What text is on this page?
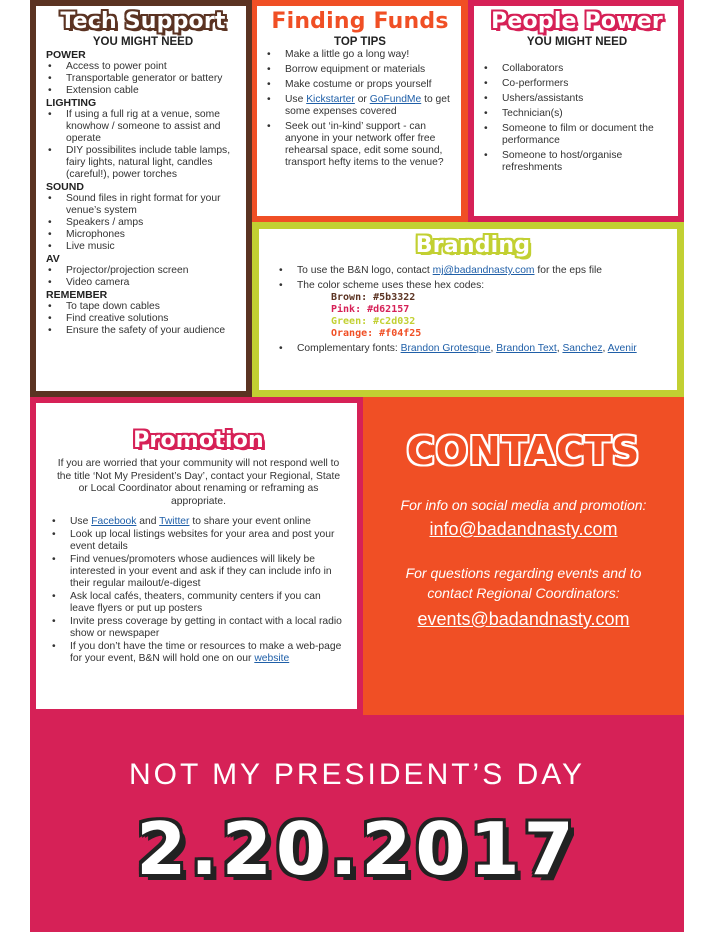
Tech Support
YOU MIGHT NEED
POWER
• Access to power point
• Transportable generator or battery
• Extension cable
LIGHTING
• If using a full rig at a venue, some knowhow / someone to assist and operate
• DIY possibilites include table lamps, fairy lights, natural light, candles (careful!), power torches
SOUND
• Sound files in right format for your venue’s system
• Speakers / amps
• Microphones
• Live music
AV
• Projector/projection screen
• Video camera
REMEMBER
• To tape down cables
• Find creative solutions
• Ensure the safety of your audience
Finding Funds
TOP TIPS
• Make a little go a long way!
• Borrow equipment or materials
• Make costume or props yourself
• Use Kickstarter or GoFundMe to get some expenses covered
• Seek out ‘in-kind’ support - can anyone in your network offer free rehearsal space, edit some sound, transport hefty items to the venue?
People Power
YOU MIGHT NEED
• Collaborators
• Co-performers
• Ushers/assistants
• Technician(s)
• Someone to film or document the performance
• Someone to host/organise refreshments
Branding
• To use the B&N logo, contact mj@badandnasty.com for the eps file
• The color scheme uses these hex codes:
Brown: #5b3322
Pink: #d62157
Green: #c2d032
Orange: #f04f25
• Complementary fonts: Brandon Grotesque, Brandon Text, Sanchez, Avenir
Promotion

If you are worried that your community will not respond well to the title ‘Not My President’s Day’, contact your Regional, State or Local Coordinator about renaming or reframing as appropriate.

• Use Facebook and Twitter to share your event online
• Look up local listings websites for your area and post your event details
• Find venues/promoters whose audiences will likely be interested in your event and ask if they can include info in their regular mailout/e-digest
• Ask local cafés, theaters, community centers if you can leave flyers or put up posters
• Invite press coverage by getting in contact with a local radio show or newspaper
• If you don’t have the time or resources to make a web-page for your event, B&N will hold one on our website
CONTACTS
For info on social media and promotion:
info@badandnasty.com
For questions regarding events and to contact Regional Coordinators:
events@badandnasty.com
NOT MY PRESIDENT’S DAY
2.20.2017
